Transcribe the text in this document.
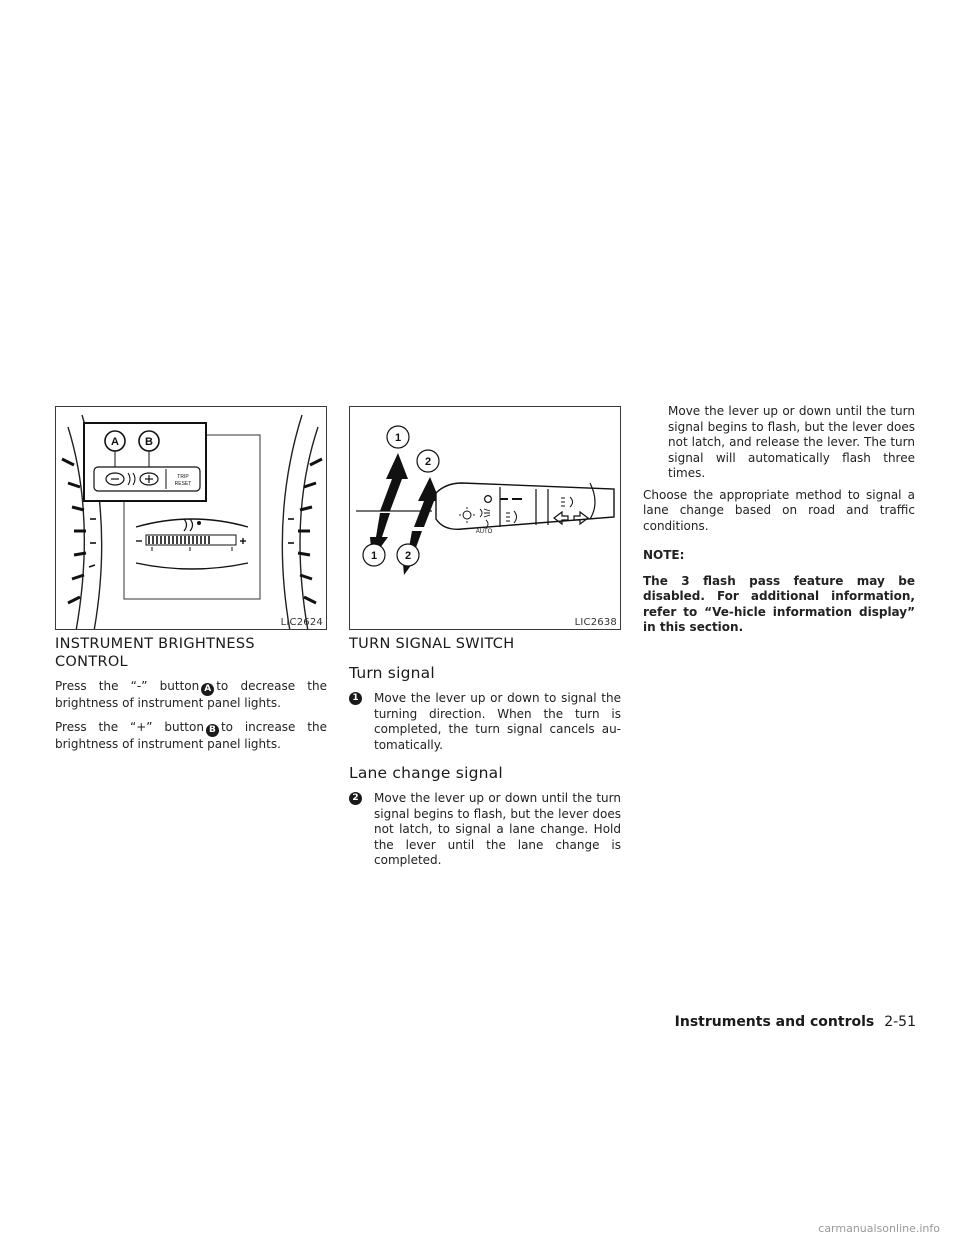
A B
TRIP
RESET
LIC2624
1
2
1	2
AUTO
LIC2638
INSTRUMENT BRIGHTNESS
CONTROL

Press the “-” button A to decrease the brightness of instrument panel lights.

Press the “+” button B to increase the brightness of instrument panel lights.

TURN SIGNAL SWITCH
Turn signal

1 Move the lever up or down to signal the turning direction. When the turn is completed, the turn signal cancels au-tomatically.

Lane change signal

2 Move the lever up or down until the turn signal begins to flash, but the lever does not latch, to signal a lane change. Hold the lever until the lane change is completed.

Move the lever up or down until the turn signal begins to flash, but the lever does not latch, and release the lever. The turn signal will automatically flash three times.

Choose the appropriate method to signal a lane change based on road and traffic conditions.

NOTE:

The 3 flash pass feature may be disabled. For additional information, refer to “Ve-hicle information display” in this section.

Instruments and controls 2-51
carmanualsonline.info
